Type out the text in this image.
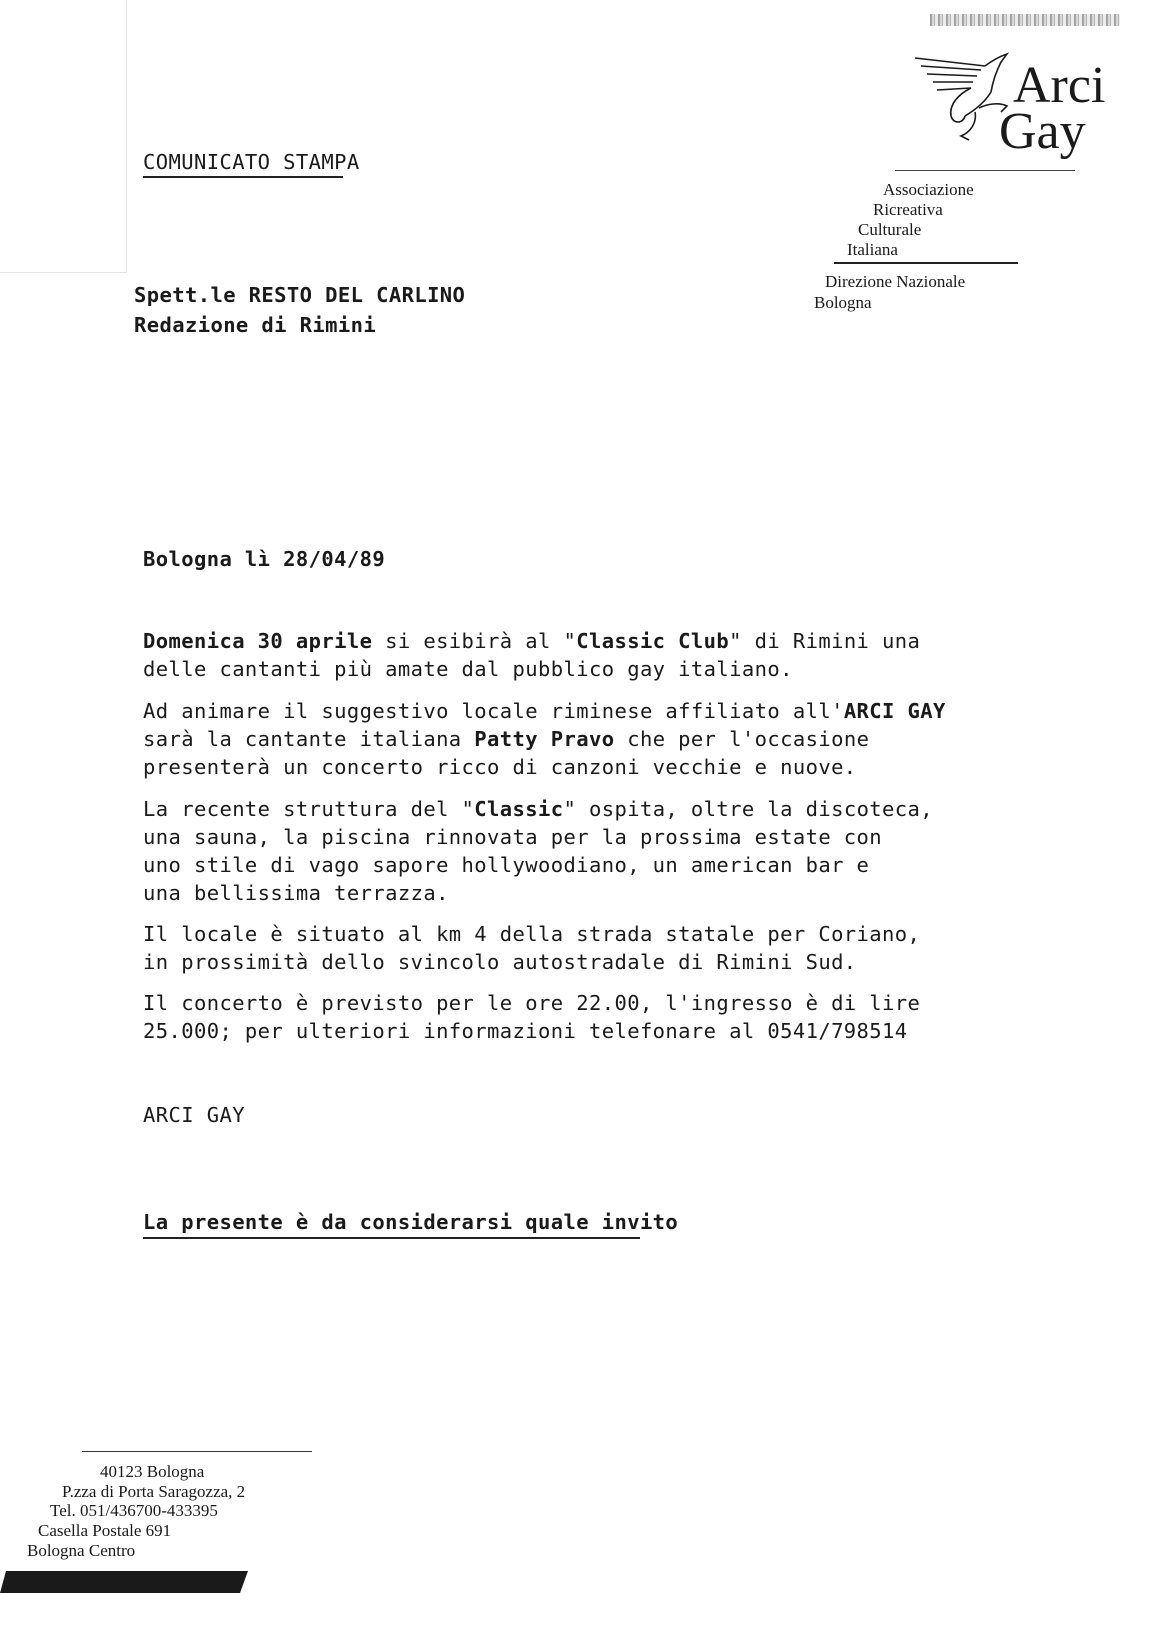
Arci
Gay
COMUNICATO STAMPA
Associazione
Ricreativa
Culturale
Italiana
Direzione Nazionale
Bologna
Spett.le RESTO DEL CARLINO
Redazione di Rimini
Bologna lì 28/04/89
Domenica 30 aprile si esibirà al "Classic Club" di Rimini una
delle cantanti più amate dal pubblico gay italiano.
Ad animare il suggestivo locale riminese affiliato all'ARCI GAY
sarà la cantante italiana Patty Pravo che per l'occasione
presenterà un concerto ricco di canzoni vecchie e nuove.
La recente struttura del "Classic" ospita, oltre la discoteca,
una sauna, la piscina rinnovata per la prossima estate con
uno stile di vago sapore hollywoodiano, un american bar e
una bellissima terrazza.
Il locale è situato al km 4 della strada statale per Coriano,
in prossimità dello svincolo autostradale di Rimini Sud.
Il concerto è previsto per le ore 22.00, l'ingresso è di lire
25.000; per ulteriori informazioni telefonare al 0541/798514
ARCI GAY
La presente è da considerarsi quale invito
40123 Bologna
P.zza di Porta Saragozza, 2
Tel. 051/436700-433395
Casella Postale 691
Bologna Centro
